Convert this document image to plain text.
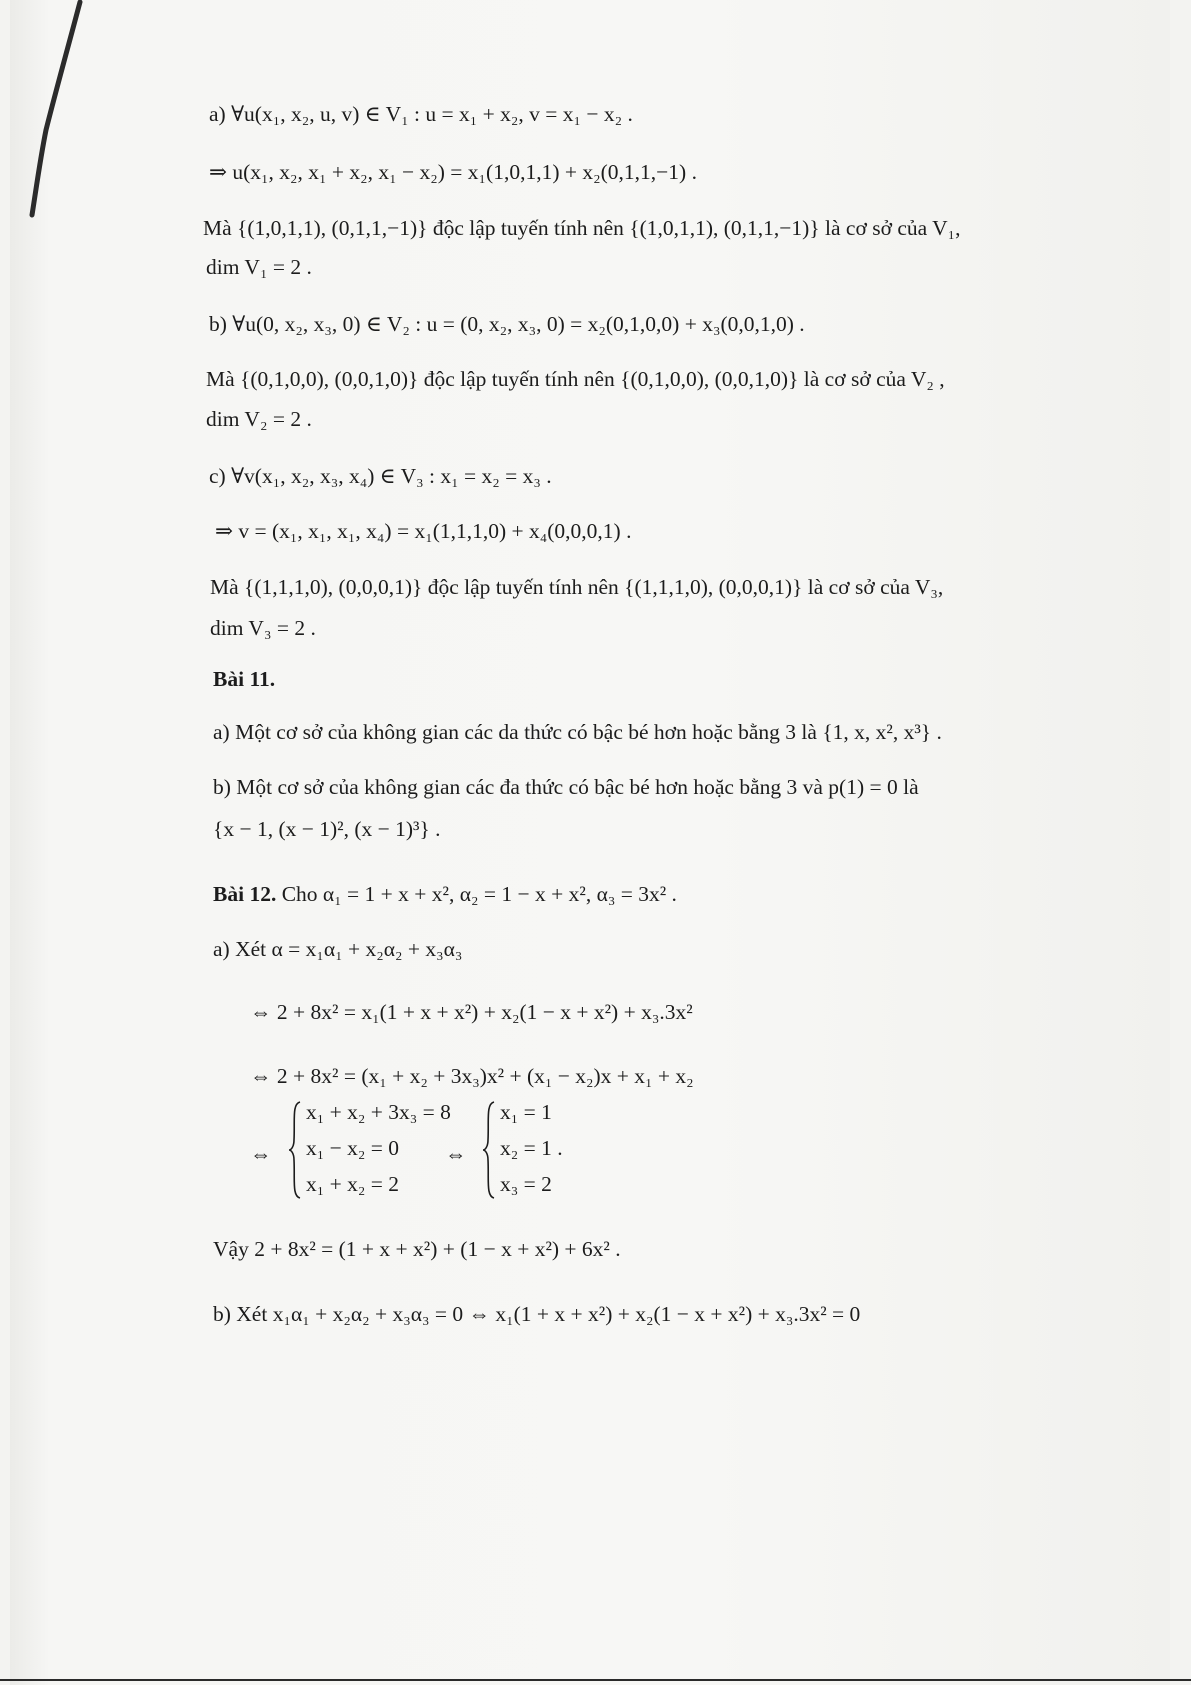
a) ∀u(x₁, x₂, u, v) ∈ V₁ : u = x₁ + x₂, v = x₁ − x₂ .
⇒ u(x₁, x₂, x₁ + x₂, x₁ − x₂) = x₁(1,0,1,1) + x₂(0,1,1,−1) .
Mà {(1,0,1,1), (0,1,1,−1)} độc lập tuyến tính nên {(1,0,1,1), (0,1,1,−1)} là cơ sở của V₁,
dim V₁ = 2 .
b) ∀u(0, x₂, x₃, 0) ∈ V₂ : u = (0, x₂, x₃, 0) = x₂(0,1,0,0) + x₃(0,0,1,0) .
Mà {(0,1,0,0), (0,0,1,0)} độc lập tuyến tính nên {(0,1,0,0), (0,0,1,0)} là cơ sở của V₂ ,
dim V₂ = 2 .
c) ∀v(x₁, x₂, x₃, x₄) ∈ V₃ : x₁ = x₂ = x₃ .
⇒ v = (x₁, x₁, x₁, x₄) = x₁(1,1,1,0) + x₄(0,0,0,1) .
Mà {(1,1,1,0), (0,0,0,1)} độc lập tuyến tính nên {(1,1,1,0), (0,0,0,1)} là cơ sở của V₃,
dim V₃ = 2 .
Bài 11.
a) Một cơ sở của không gian các da thức có bậc bé hơn hoặc bằng 3 là {1, x, x², x³} .
b) Một cơ sở của không gian các đa thức có bậc bé hơn hoặc bằng 3 và p(1) = 0 là
{x − 1, (x − 1)², (x − 1)³} .
Bài 12. Cho α₁ = 1 + x + x², α₂ = 1 − x + x², α₃ = 3x² .
a) Xét α = x₁α₁ + x₂α₂ + x₃α₃
⇔ 2 + 8x² = x₁(1 + x + x²) + x₂(1 − x + x²) + x₃.3x²
⇔ 2 + 8x² = (x₁ + x₂ + 3x₃)x² + (x₁ − x₂)x + x₁ + x₂
⇔
x₁ + x₂ + 3x₃ = 8
x₁ − x₂ = 0
x₁ + x₂ = 2
⇔
x₁ = 1
x₂ = 1 .
x₃ = 2
Vậy 2 + 8x² = (1 + x + x²) + (1 − x + x²) + 6x² .
b) Xét x₁α₁ + x₂α₂ + x₃α₃ = 0 ⇔ x₁(1 + x + x²) + x₂(1 − x + x²) + x₃.3x² = 0
